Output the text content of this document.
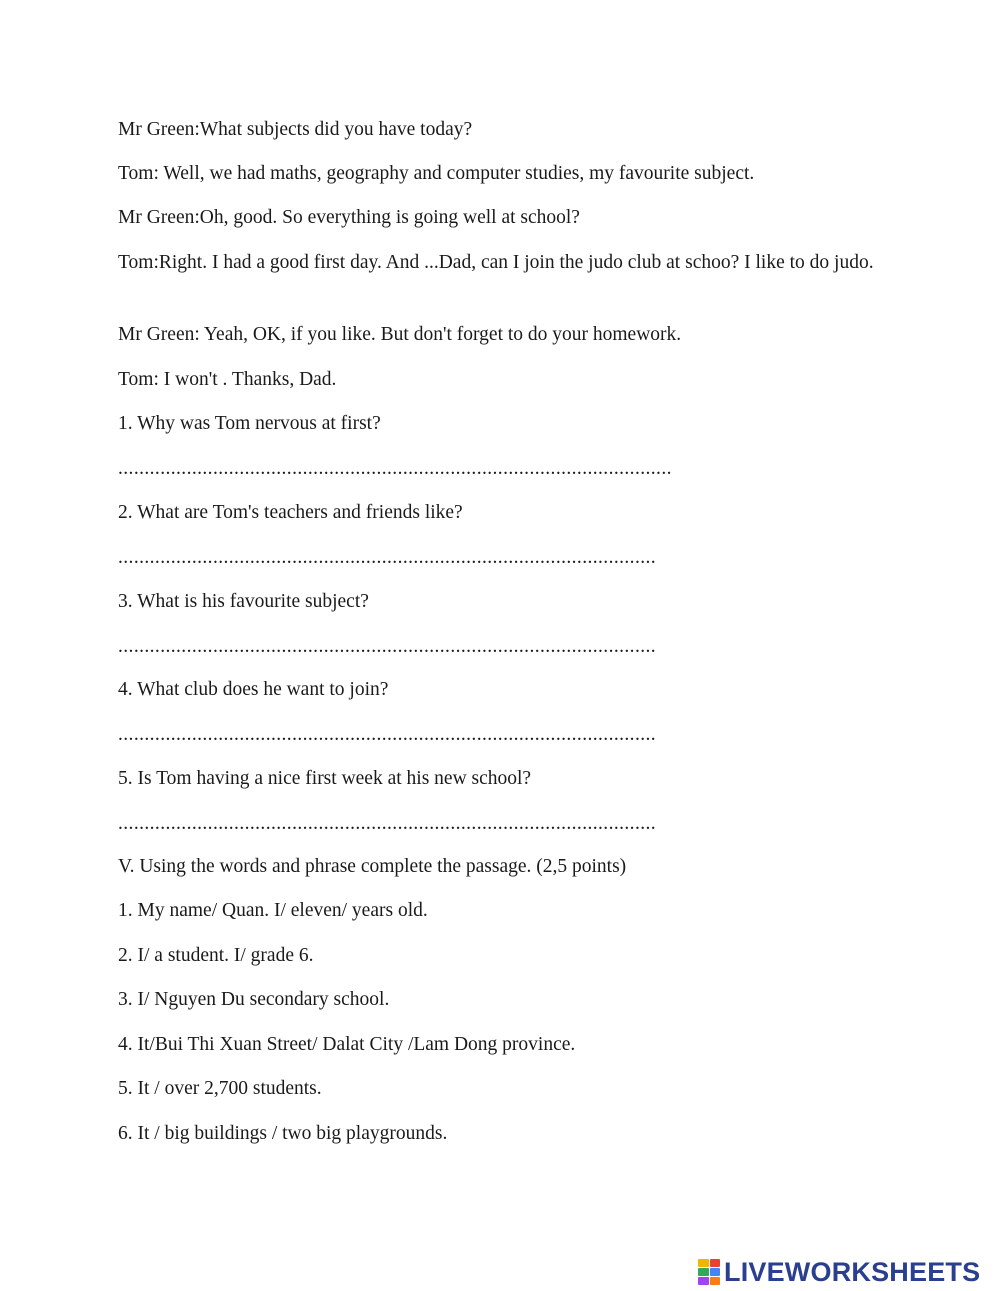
Mr Green:What subjects did you have today?
Tom: Well, we had maths, geography and computer studies, my favourite subject.
Mr Green:Oh, good. So everything is going well at school?
Tom:Right. I had a good first day. And ...Dad, can I join the judo club at schoo? I like to do judo.
Mr Green: Yeah, OK, if you like. But don't forget to do your homework.
Tom: I won't . Thanks, Dad.
1. Why was Tom nervous at first?
.........................................................................................................
2. What are Tom's teachers and friends like?
......................................................................................................
3. What is his favourite subject?
......................................................................................................
4. What club does he want to join?
......................................................................................................
5. Is Tom having a nice first week at his new school?
......................................................................................................
V. Using the words and phrase complete the passage. (2,5 points)
1. My name/ Quan. I/ eleven/ years old.
2. I/ a student. I/ grade 6.
3. I/ Nguyen Du secondary school.
4. It/Bui Thi Xuan Street/ Dalat City /Lam Dong province.
5. It / over 2,700 students.
6. It / big buildings / two big playgrounds.
LIVEWORKSHEETS
